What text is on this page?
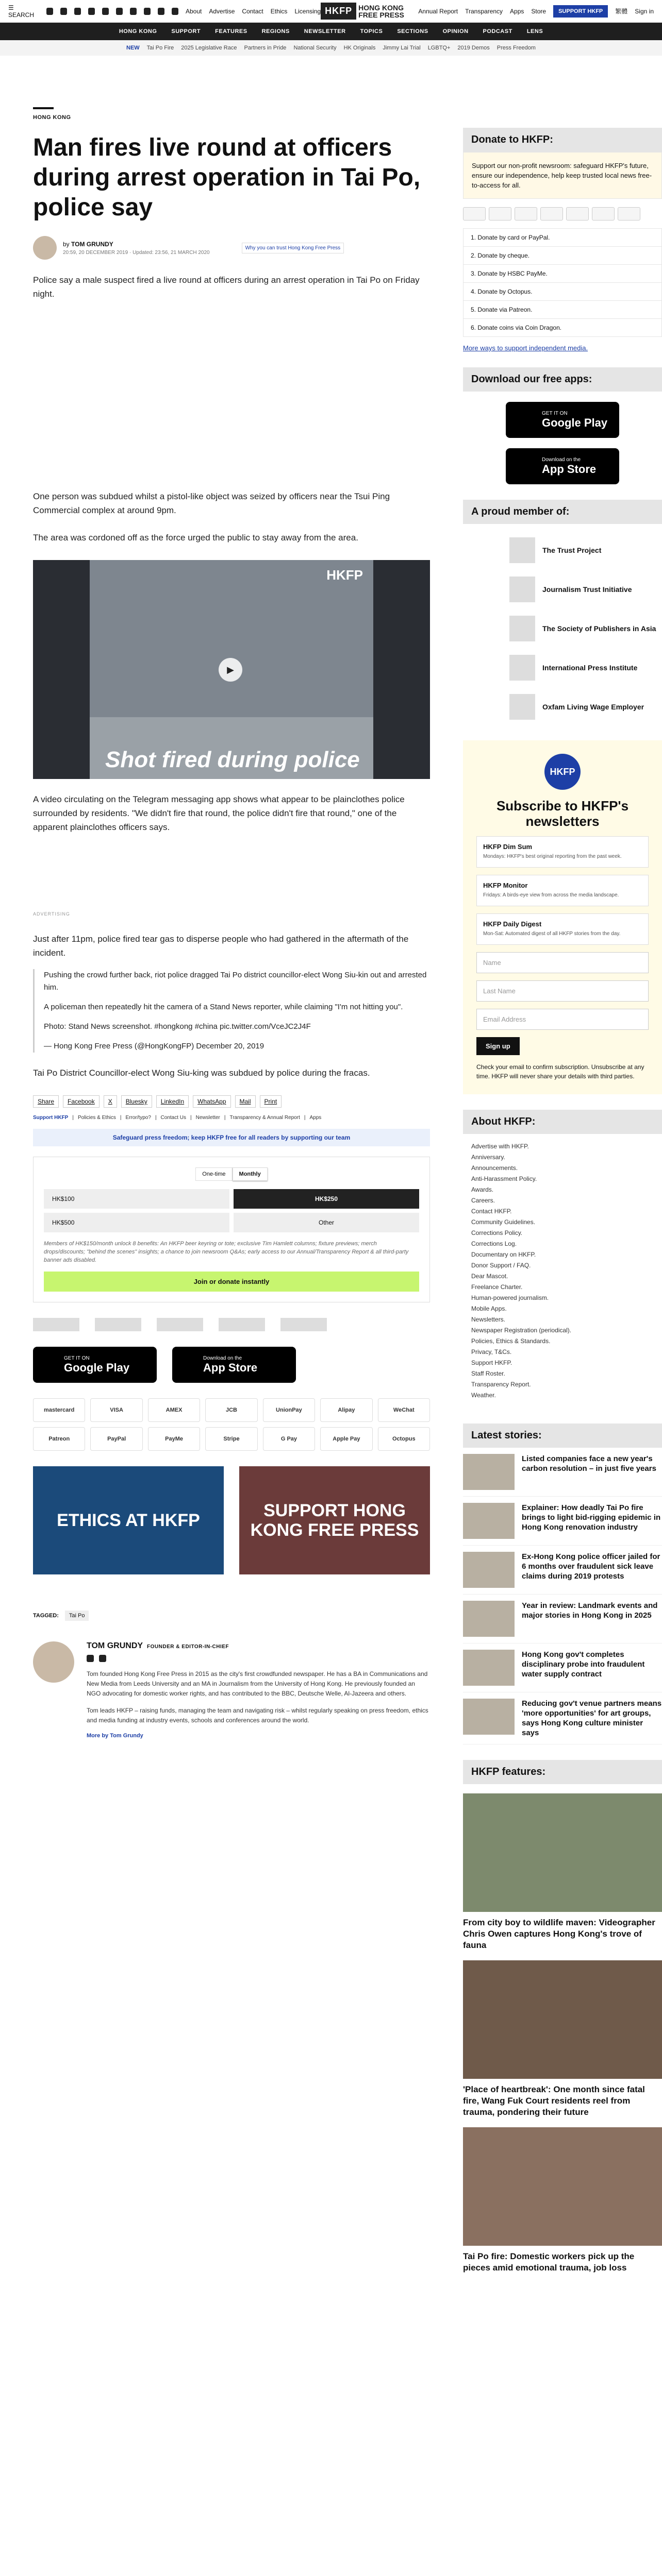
☰ SEARCH	About Advertise Contact Ethics Licensing HKFP HONG KONG
FREE PRESS Annual Report Transparency Apps Store	SUPPORT HKFP	繁體 Sign in
HONG KONG	SUPPORT	FEATURES	REGIONS	NEWSLETTER	TOPICS	SECTIONS	OPINION	PODCAST	LENS
NEW Tai Po Fire 2025 Legislative Race Partners in Pride National Security HK Originals Jimmy Lai Trial LGBTQ+ 2019 Demos Press Freedom
HONG KONG
Man fires live round at officers during arrest operation in Tai Po, police say
by TOM GRUNDY
20:59, 20 DECEMBER 2019 · Updated: 23:56, 21 MARCH 2020
Why you can trust Hong Kong Free Press

Police say a male suspect fired a live round at officers during an arrest operation in Tai Po on Friday night.

One person was subdued whilst a pistol-like object was seized by officers near the Tsui Ping Commercial complex at around 9pm.

The area was cordoned off as the force urged the public to stay away from the area.

HKFP
▶
Shot fired during police

A video circulating on the Telegram messaging app shows what appear to be plainclothes police surrounded by residents. "We didn't fire that round, the police didn't fire that round," one of the apparent plainclothes officers says.

ADVERTISING

Just after 11pm, police fired tear gas to disperse people who had gathered in the aftermath of the incident.

Pushing the crowd further back, riot police dragged Tai Po district councillor-elect Wong Siu-kin out and arrested him.

A policeman then repeatedly hit the camera of a Stand News reporter, while claiming "I'm not hitting you".

Photo: Stand News screenshot. #hongkong #china pic.twitter.com/VceJC2J4F

— Hong Kong Free Press (@HongKongFP) December 20, 2019

Tai Po District Councillor-elect Wong Siu-king was subdued by police during the fracas.

Share	Facebook	X	Bluesky	LinkedIn	WhatsApp	Mail	Print
Support HKFP | Policies & Ethics | Error/typo? | Contact Us | Newsletter | Transparency & Annual Report | Apps
Safeguard press freedom; keep HKFP free for all readers by supporting our team
One-time	Monthly
HK$100	HK$250
HK$500	Other
Members of HK$150/month unlock 8 benefits: An HKFP beer keyring or tote; exclusive Tim Hamlett columns; fixture previews; merch drops/discounts; "behind the scenes" insights; a chance to join newsroom Q&As; early access to our Annual/Transparency Report & all third-party banner ads disabled.
Join or donate instantly
GET IT ON
Google Play
Download on the
App Store
mastercard	VISA	AMEX	JCB	UnionPay	Alipay	WeChat
Patreon	PayPal	PayMe	Stripe	G Pay	Apple Pay	Octopus
ETHICS AT HKFP	SUPPORT HONG KONG FREE PRESS
TAGGED:	Tai Po
TOM GRUNDY FOUNDER & EDITOR-IN-CHIEF

Tom founded Hong Kong Free Press in 2015 as the city's first crowdfunded newspaper. He has a BA in Communications and New Media from Leeds University and an MA in Journalism from the University of Hong Kong. He previously founded an NGO advocating for domestic worker rights, and has contributed to the BBC, Deutsche Welle, Al-Jazeera and others.

Tom leads HKFP – raising funds, managing the team and navigating risk – whilst regularly speaking on press freedom, ethics and media funding at industry events, schools and conferences around the world.

More by Tom Grundy
Donate to HKFP:
Support our non-profit newsroom: safeguard HKFP's future, ensure our independence, help keep trusted local news free-to-access for all.
1. Donate by card or PayPal.
2. Donate by cheque.
3. Donate by HSBC PayMe.
4. Donate by Octopus.
5. Donate via Patreon.
6. Donate coins via Coin Dragon.
More ways to support independent media.
Download our free apps:
GET IT ON
Google Play
Download on the
App Store
A proud member of:
The Trust Project
Journalism Trust Initiative
The Society of Publishers in Asia
International Press Institute
Oxfam Living Wage Employer
HKFP
Subscribe to HKFP's newsletters
HKFP Dim Sum
Mondays: HKFP's best original reporting from the past week.
HKFP Monitor
Fridays: A birds-eye view from across the media landscape.
HKFP Daily Digest
Mon-Sat: Automated digest of all HKFP stories from the day.
Name
Last Name
Email Address
Sign up
Check your email to confirm subscription. Unsubscribe at any time. HKFP will never share your details with third parties.
About HKFP:
Advertise with HKFP.
Anniversary.
Announcements.
Anti-Harassment Policy.
Awards.
Careers.
Contact HKFP.
Community Guidelines.
Corrections Policy.
Corrections Log.
Documentary on HKFP.
Donor Support / FAQ.
Dear Mascot.
Freelance Charter.
Human-powered journalism.
Mobile Apps.
Newsletters.
Newspaper Registration (periodical).
Policies, Ethics & Standards.
Privacy, T&Cs.
Support HKFP.
Staff Roster.
Transparency Report.
Weather.
Latest stories:
Listed companies face a new year's carbon resolution – in just five years
Explainer: How deadly Tai Po fire brings to light bid-rigging epidemic in Hong Kong renovation industry
Ex-Hong Kong police officer jailed for 6 months over fraudulent sick leave claims during 2019 protests
Year in review: Landmark events and major stories in Hong Kong in 2025
Hong Kong gov't completes disciplinary probe into fraudulent water supply contract
Reducing gov't venue partners means 'more opportunities' for art groups, says Hong Kong culture minister says
HKFP features:
From city boy to wildlife maven: Videographer Chris Owen captures Hong Kong's trove of fauna
'Place of heartbreak': One month since fatal fire, Wang Fuk Court residents reel from trauma, pondering their future
Tai Po fire: Domestic workers pick up the pieces amid emotional trauma, job loss
